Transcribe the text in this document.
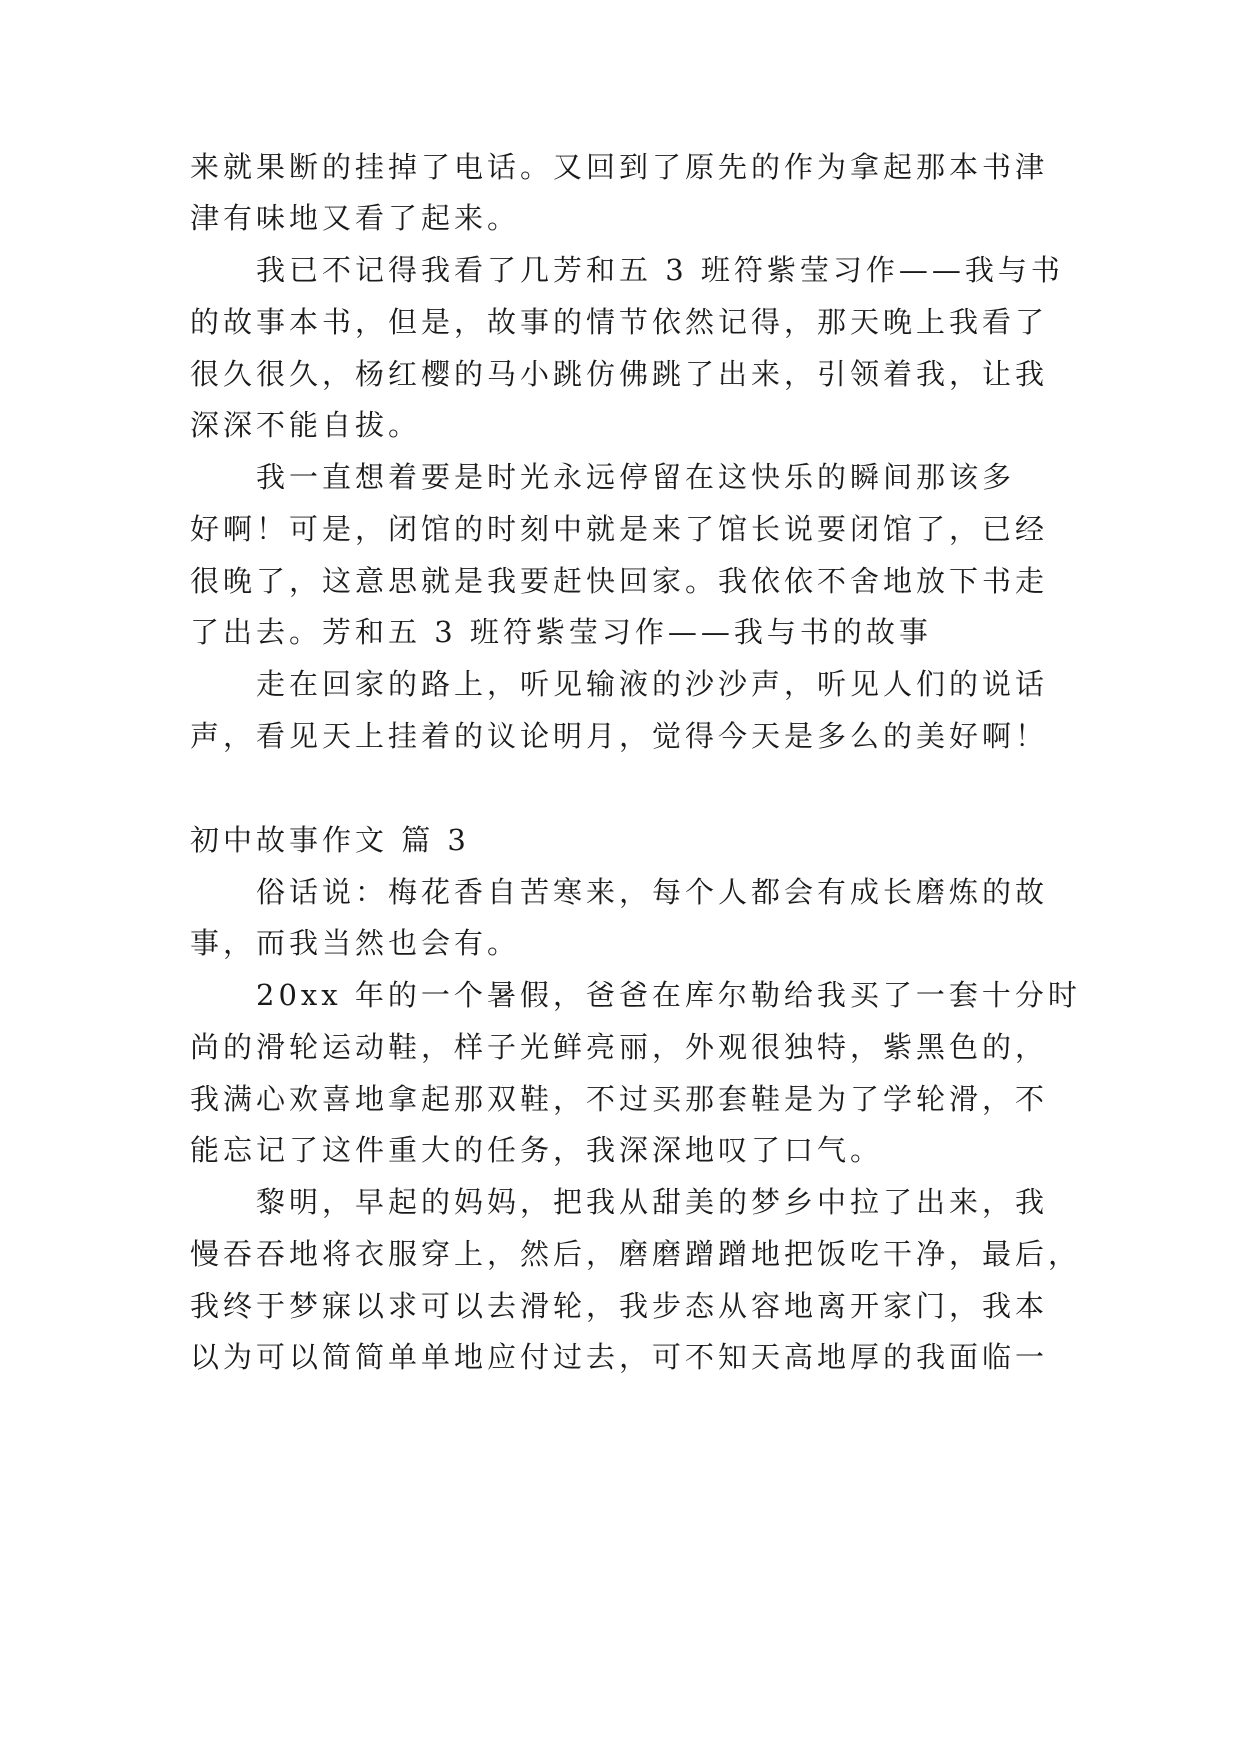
来就果断的挂掉了电话。又回到了原先的作为拿起那本书津
津有味地又看了起来。
我已不记得我看了几芳和五 3 班符紫莹习作——我与书
的故事本书，但是，故事的情节依然记得，那天晚上我看了
很久很久，杨红樱的马小跳仿佛跳了出来，引领着我，让我
深深不能自拔。
我一直想着要是时光永远停留在这快乐的瞬间那该多
好啊！可是，闭馆的时刻中就是来了馆长说要闭馆了，已经
很晚了，这意思就是我要赶快回家。我依依不舍地放下书走
了出去。芳和五 3 班符紫莹习作——我与书的故事
走在回家的路上，听见输液的沙沙声，听见人们的说话
声，看见天上挂着的议论明月，觉得今天是多么的美好啊！
初中故事作文 篇 3
俗话说：梅花香自苦寒来，每个人都会有成长磨炼的故
事，而我当然也会有。
20xx 年的一个暑假，爸爸在库尔勒给我买了一套十分时
尚的滑轮运动鞋，样子光鲜亮丽，外观很独特，紫黑色的，
我满心欢喜地拿起那双鞋，不过买那套鞋是为了学轮滑，不
能忘记了这件重大的任务，我深深地叹了口气。
黎明，早起的妈妈，把我从甜美的梦乡中拉了出来，我
慢吞吞地将衣服穿上，然后，磨磨蹭蹭地把饭吃干净，最后，
我终于梦寐以求可以去滑轮，我步态从容地离开家门，我本
以为可以简简单单地应付过去，可不知天高地厚的我面临一
